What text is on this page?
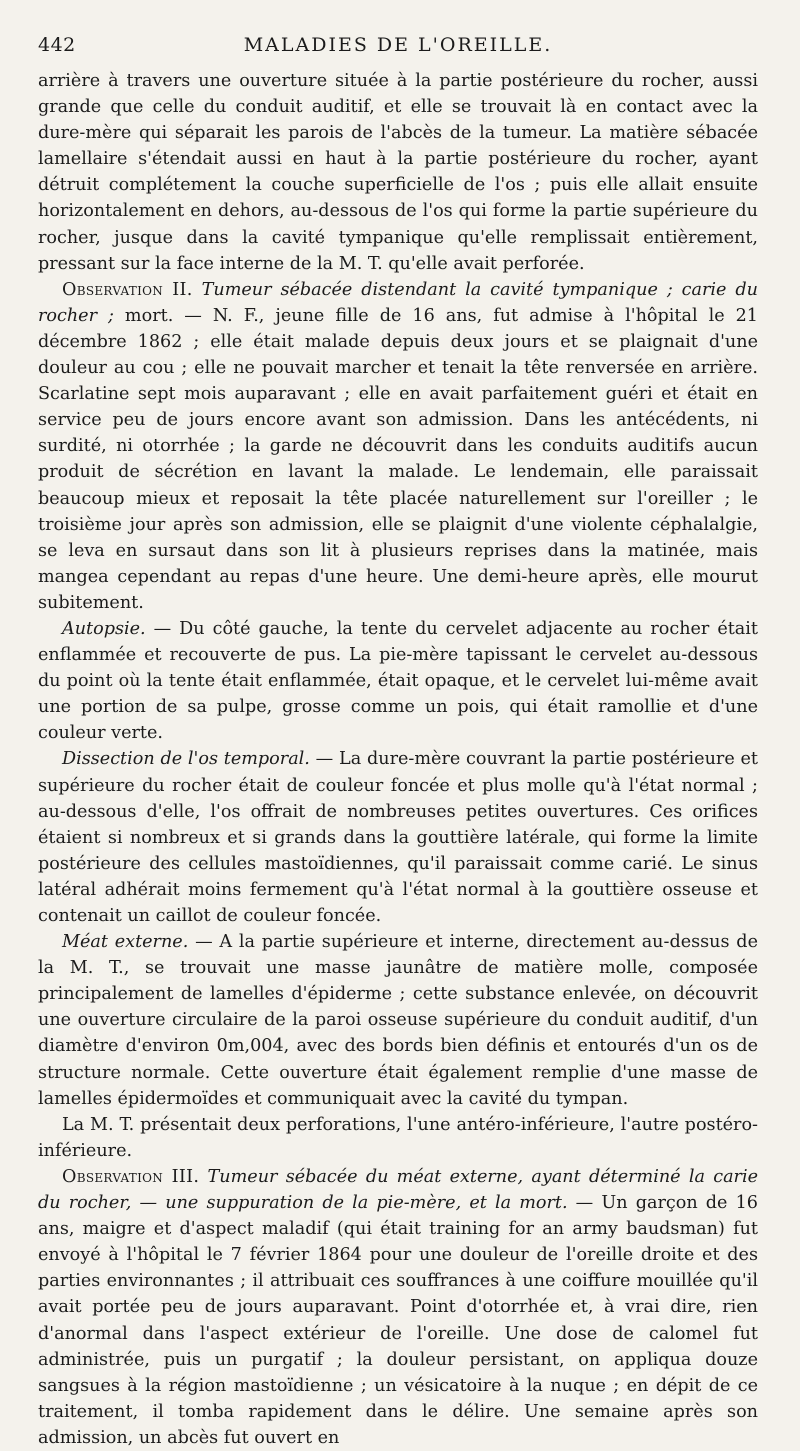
442	MALADIES DE L'OREILLE.

arrière à travers une ouverture située à la partie postérieure du rocher, aussi grande que celle du conduit auditif, et elle se trouvait là en contact avec la dure-mère qui séparait les parois de l'abcès de la tumeur. La matière sébacée lamellaire s'étendait aussi en haut à la partie postérieure du rocher, ayant détruit complétement la couche superficielle de l'os ; puis elle allait ensuite horizontalement en dehors, au-dessous de l'os qui forme la partie supérieure du rocher, jusque dans la cavité tympanique qu'elle remplissait entièrement, pressant sur la face interne de la M. T. qu'elle avait perforée.

Observation II. Tumeur sébacée distendant la cavité tympanique ; carie du rocher ; mort. — N. F., jeune fille de 16 ans, fut admise à l'hôpital le 21 décembre 1862 ; elle était malade depuis deux jours et se plaignait d'une douleur au cou ; elle ne pouvait marcher et tenait la tête renversée en arrière. Scarlatine sept mois auparavant ; elle en avait parfaitement guéri et était en service peu de jours encore avant son admission. Dans les antécédents, ni surdité, ni otorrhée ; la garde ne découvrit dans les conduits auditifs aucun produit de sécrétion en lavant la malade. Le lendemain, elle paraissait beaucoup mieux et reposait la tête placée naturellement sur l'oreiller ; le troisième jour après son admission, elle se plaignit d'une violente céphalalgie, se leva en sursaut dans son lit à plusieurs reprises dans la matinée, mais mangea cependant au repas d'une heure. Une demi-heure après, elle mourut subitement.

Autopsie. — Du côté gauche, la tente du cervelet adjacente au rocher était enflammée et recouverte de pus. La pie-mère tapissant le cervelet au-dessous du point où la tente était enflammée, était opaque, et le cervelet lui-même avait une portion de sa pulpe, grosse comme un pois, qui était ramollie et d'une couleur verte.

Dissection de l'os temporal. — La dure-mère couvrant la partie postérieure et supérieure du rocher était de couleur foncée et plus molle qu'à l'état normal ; au-dessous d'elle, l'os offrait de nombreuses petites ouvertures. Ces orifices étaient si nombreux et si grands dans la gouttière latérale, qui forme la limite postérieure des cellules mastoïdiennes, qu'il paraissait comme carié. Le sinus latéral adhérait moins fermement qu'à l'état normal à la gouttière osseuse et contenait un caillot de couleur foncée.

Méat externe. — A la partie supérieure et interne, directement au-dessus de la M. T., se trouvait une masse jaunâtre de matière molle, composée principalement de lamelles d'épiderme ; cette substance enlevée, on découvrit une ouverture circulaire de la paroi osseuse supérieure du conduit auditif, d'un diamètre d'environ 0m,004, avec des bords bien définis et entourés d'un os de structure normale. Cette ouverture était également remplie d'une masse de lamelles épidermoïdes et communiquait avec la cavité du tympan.

La M. T. présentait deux perforations, l'une antéro-inférieure, l'autre postéro-inférieure.

Observation III. Tumeur sébacée du méat externe, ayant déterminé la carie du rocher, — une suppuration de la pie-mère, et la mort. — Un garçon de 16 ans, maigre et d'aspect maladif (qui était training for an army baudsman) fut envoyé à l'hôpital le 7 février 1864 pour une douleur de l'oreille droite et des parties environnantes ; il attribuait ces souffrances à une coiffure mouillée qu'il avait portée peu de jours auparavant. Point d'otorrhée et, à vrai dire, rien d'anormal dans l'aspect extérieur de l'oreille. Une dose de calomel fut administrée, puis un purgatif ; la douleur persistant, on appliqua douze sangsues à la région mastoïdienne ; un vésicatoire à la nuque ; en dépit de ce traitement, il tomba rapidement dans le délire. Une semaine après son admission, un abcès fut ouvert en
